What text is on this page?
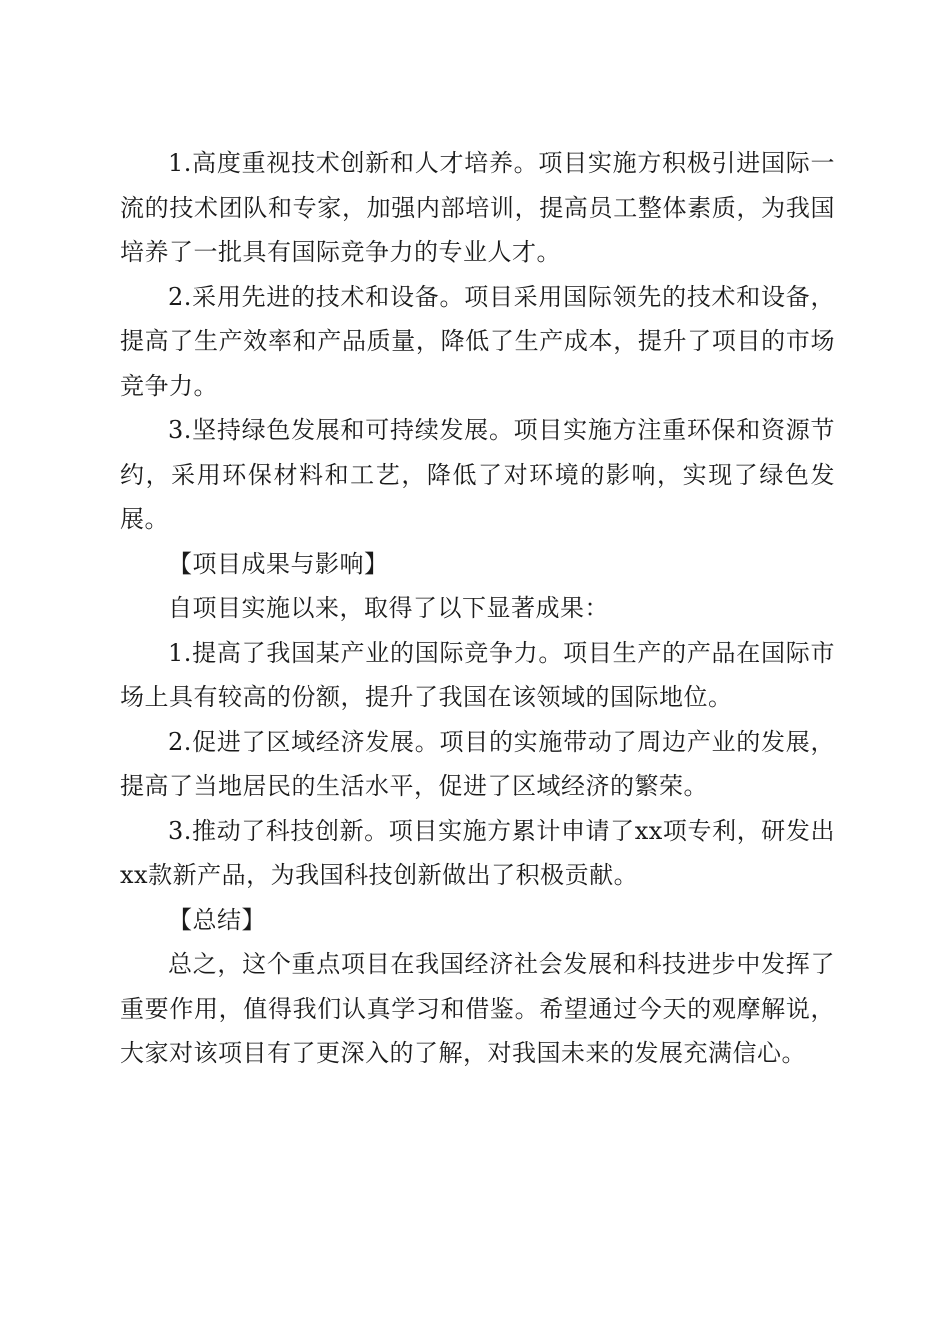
1.高度重视技术创新和人才培养。项目实施方积极引进国际一流的技术团队和专家，加强内部培训，提高员工整体素质，为我国培养了一批具有国际竞争力的专业人才。

2.采用先进的技术和设备。项目采用国际领先的技术和设备，提高了生产效率和产品质量，降低了生产成本，提升了项目的市场竞争力。

3.坚持绿色发展和可持续发展。项目实施方注重环保和资源节约，采用环保材料和工艺，降低了对环境的影响，实现了绿色发展。

【项目成果与影响】

自项目实施以来，取得了以下显著成果：

1.提高了我国某产业的国际竞争力。项目生产的产品在国际市场上具有较高的份额，提升了我国在该领域的国际地位。

2.促进了区域经济发展。项目的实施带动了周边产业的发展，提高了当地居民的生活水平，促进了区域经济的繁荣。

3.推动了科技创新。项目实施方累计申请了xx项专利，研发出xx款新产品，为我国科技创新做出了积极贡献。

【总结】

总之，这个重点项目在我国经济社会发展和科技进步中发挥了重要作用，值得我们认真学习和借鉴。希望通过今天的观摩解说，大家对该项目有了更深入的了解，对我国未来的发展充满信心。
